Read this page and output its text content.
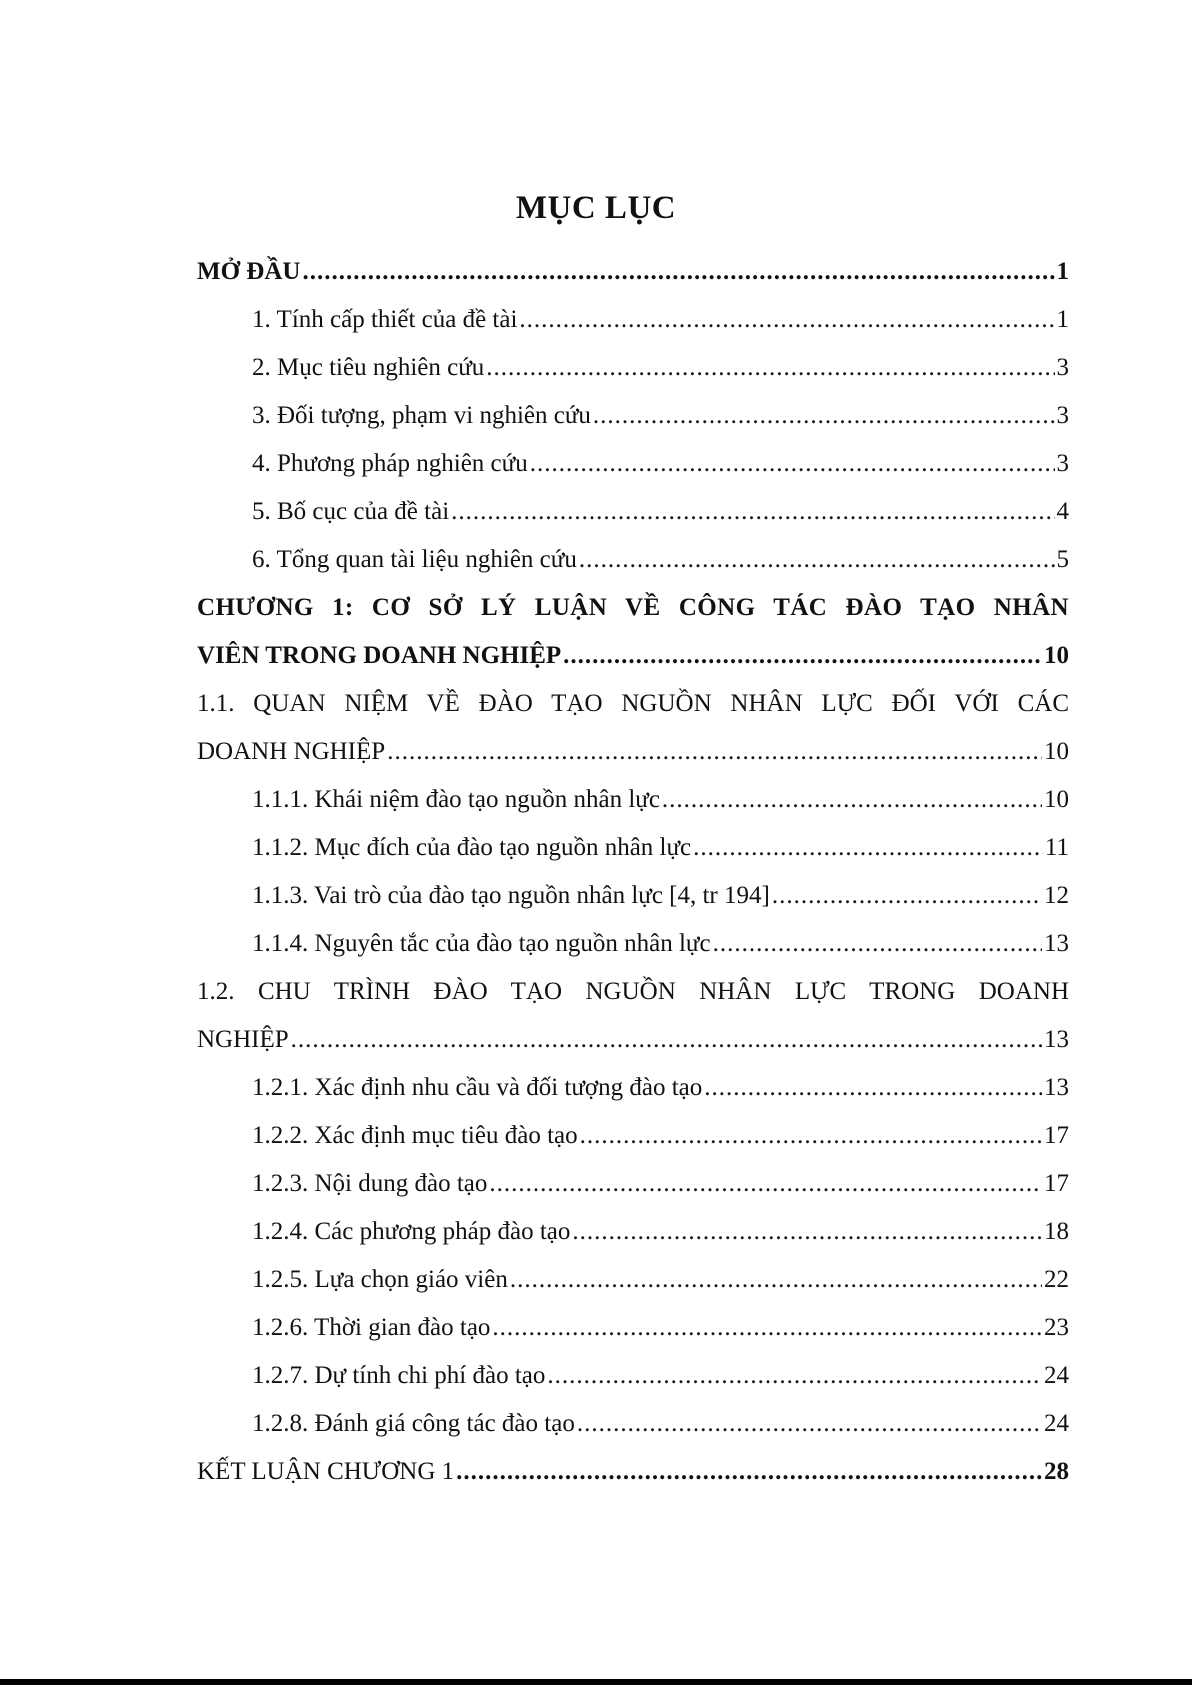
MỤC LỤC
MỞ ĐẦU .....	1
1. Tính cấp thiết của đề tài .....	1
2. Mục tiêu nghiên cứu .....	3
3. Đối tượng, phạm vi nghiên cứu .....	3
4. Phương pháp nghiên cứu .....	3
5. Bố cục của đề tài .....	4
6. Tổng quan tài liệu nghiên cứu .....	5
CHƯƠNG 1: CƠ SỞ LÝ LUẬN VỀ CÔNG TÁC ĐÀO TẠO NHÂN
VIÊN TRONG DOANH NGHIỆP .....	10
1.1. QUAN NIỆM VỀ ĐÀO TẠO NGUỒN NHÂN LỰC ĐỐI VỚI CÁC
DOANH NGHIỆP .....	10
1.1.1. Khái niệm đào tạo nguồn nhân lực .....	10
1.1.2. Mục đích của đào tạo nguồn nhân lực .....	11
1.1.3. Vai trò của đào tạo nguồn nhân lực [4, tr 194] .....	12
1.1.4. Nguyên tắc của đào tạo nguồn nhân lực .....	13
1.2. CHU TRÌNH ĐÀO TẠO NGUỒN NHÂN LỰC TRONG DOANH
NGHIỆP .....	13
1.2.1. Xác định nhu cầu và đối tượng đào tạo .....	13
1.2.2. Xác định mục tiêu đào tạo .....	17
1.2.3. Nội dung đào tạo .....	17
1.2.4. Các phương pháp đào tạo .....	18
1.2.5. Lựa chọn giáo viên .....	22
1.2.6. Thời gian đào tạo .....	23
1.2.7. Dự tính chi phí đào tạo .....	24
1.2.8. Đánh giá công tác đào tạo .....	24
KẾT LUẬN CHƯƠNG 1 .....	28
